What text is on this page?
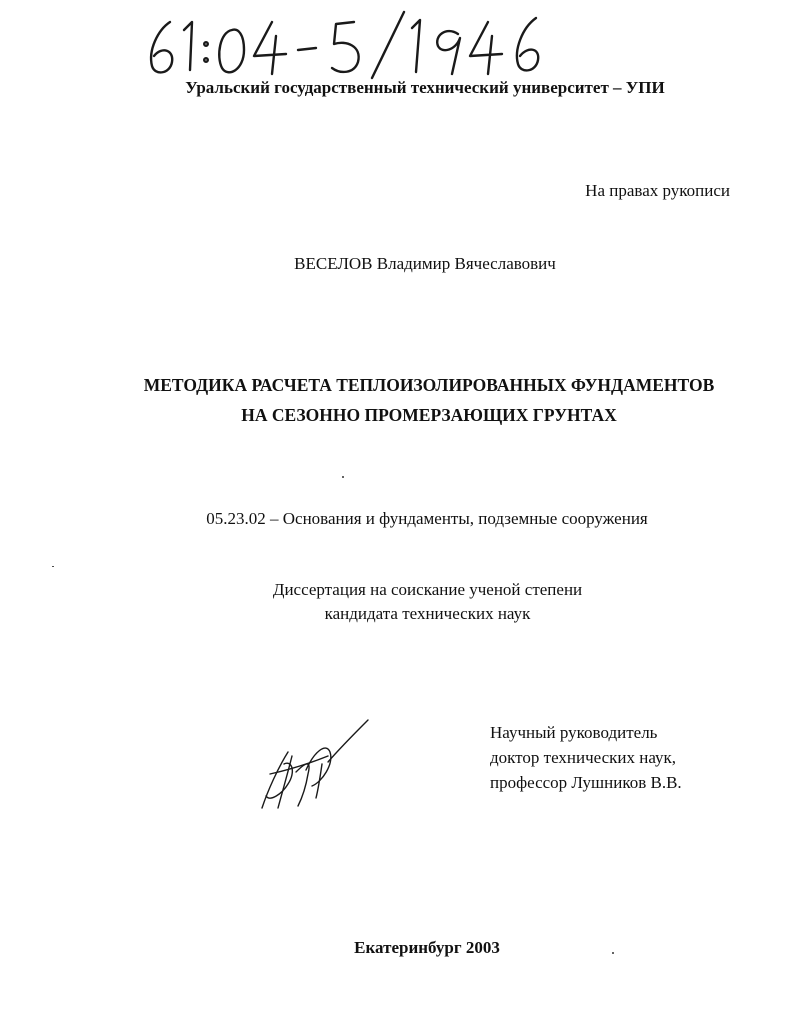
Уральский государственный технический университет – УПИ
На правах рукописи
ВЕСЕЛОВ Владимир Вячеславович
МЕТОДИКА РАСЧЕТА ТЕПЛОИЗОЛИРОВАННЫХ ФУНДАМЕНТОВ
НА СЕЗОННО ПРОМЕРЗАЮЩИХ ГРУНТАХ
05.23.02 – Основания и фундаменты, подземные сооружения
Диссертация на соискание ученой степени
кандидата технических наук
Научный руководитель
доктор технических наук,
профессор Лушников В.В.
Екатеринбург 2003
